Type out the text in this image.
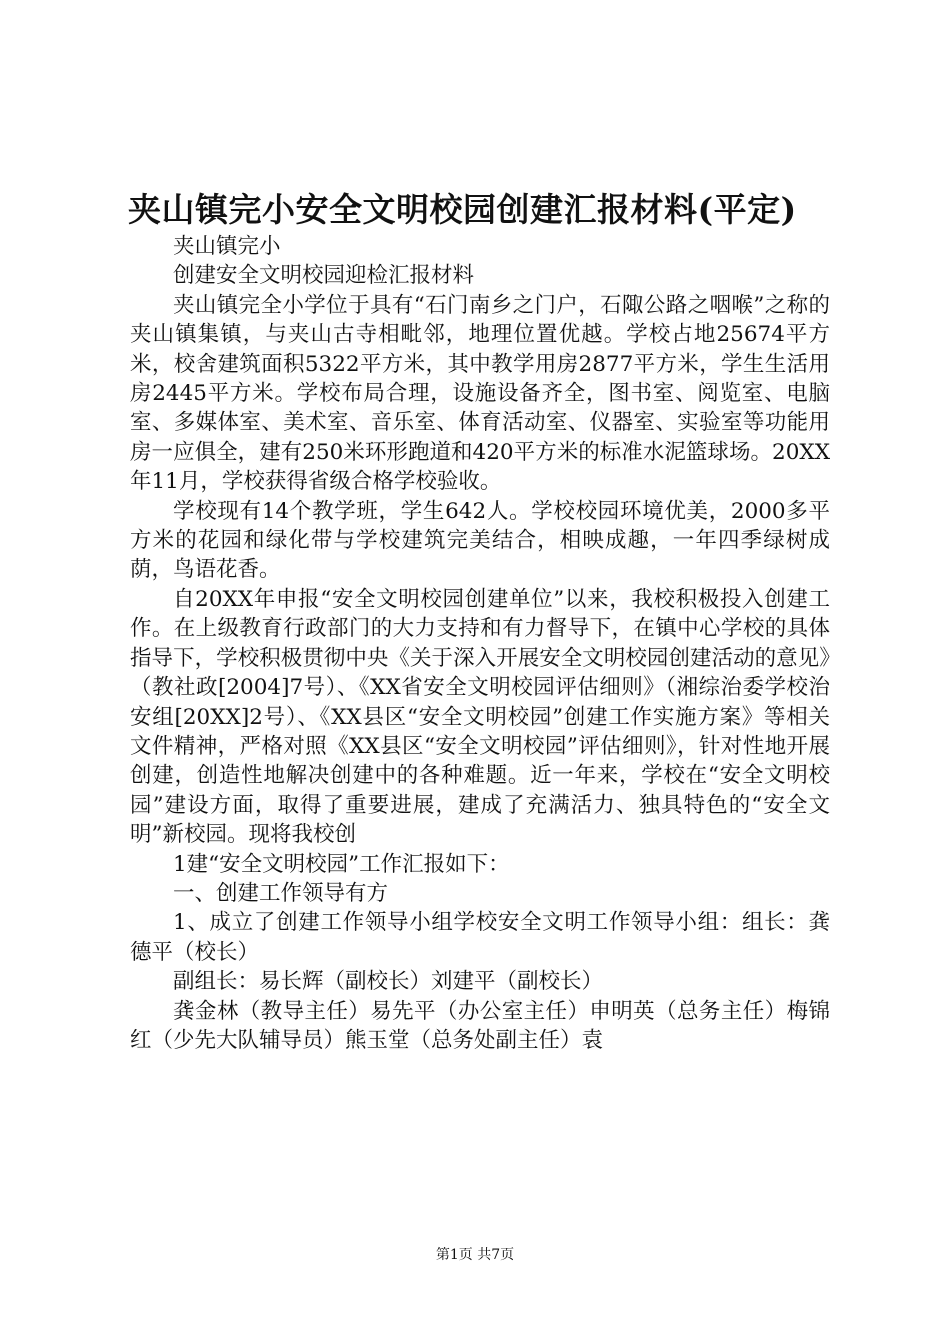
夹山镇完小安全文明校园创建汇报材料(平定)

夹山镇完小

创建安全文明校园迎检汇报材料

夹山镇完全小学位于具有“石门南乡之门户，石陬公路之咽喉”之称的夹山镇集镇，与夹山古寺相毗邻，地理位置优越。学校占地25674平方米，校舍建筑面积5322平方米，其中教学用房2877平方米，学生生活用房2445平方米。学校布局合理，设施设备齐全，图书室、阅览室、电脑室、多媒体室、美术室、音乐室、体育活动室、仪器室、实验室等功能用房一应俱全，建有250米环形跑道和420平方米的标准水泥篮球场。20XX年11月，学校获得省级合格学校验收。

学校现有14个教学班，学生642人。学校校园环境优美，2000多平方米的花园和绿化带与学校建筑完美结合，相映成趣，一年四季绿树成荫，鸟语花香。

自20XX年申报“安全文明校园创建单位”以来，我校积极投入创建工作。在上级教育行政部门的大力支持和有力督导下，在镇中心学校的具体指导下，学校积极贯彻中央《关于深入开展安全文明校园创建活动的意见》（教社政[2004]7号）、《XX省安全文明校园评估细则》（湘综治委学校治安组[20XX]2号）、《XX县区“安全文明校园”创建工作实施方案》等相关文件精神，严格对照《XX县区“安全文明校园”评估细则》，针对性地开展创建，创造性地解决创建中的各种难题。近一年来，学校在“安全文明校园”建设方面，取得了重要进展，建成了充满活力、独具特色的“安全文明”新校园。现将我校创

1建“安全文明校园”工作汇报如下：

一、创建工作领导有方

1、成立了创建工作领导小组学校安全文明工作领导小组：组长：龚德平（校长）

副组长：易长辉（副校长）刘建平（副校长）

龚金林（教导主任）易先平（办公室主任）申明英（总务主任）梅锦红（少先大队辅导员）熊玉堂（总务处副主任）袁

第1页 共7页
